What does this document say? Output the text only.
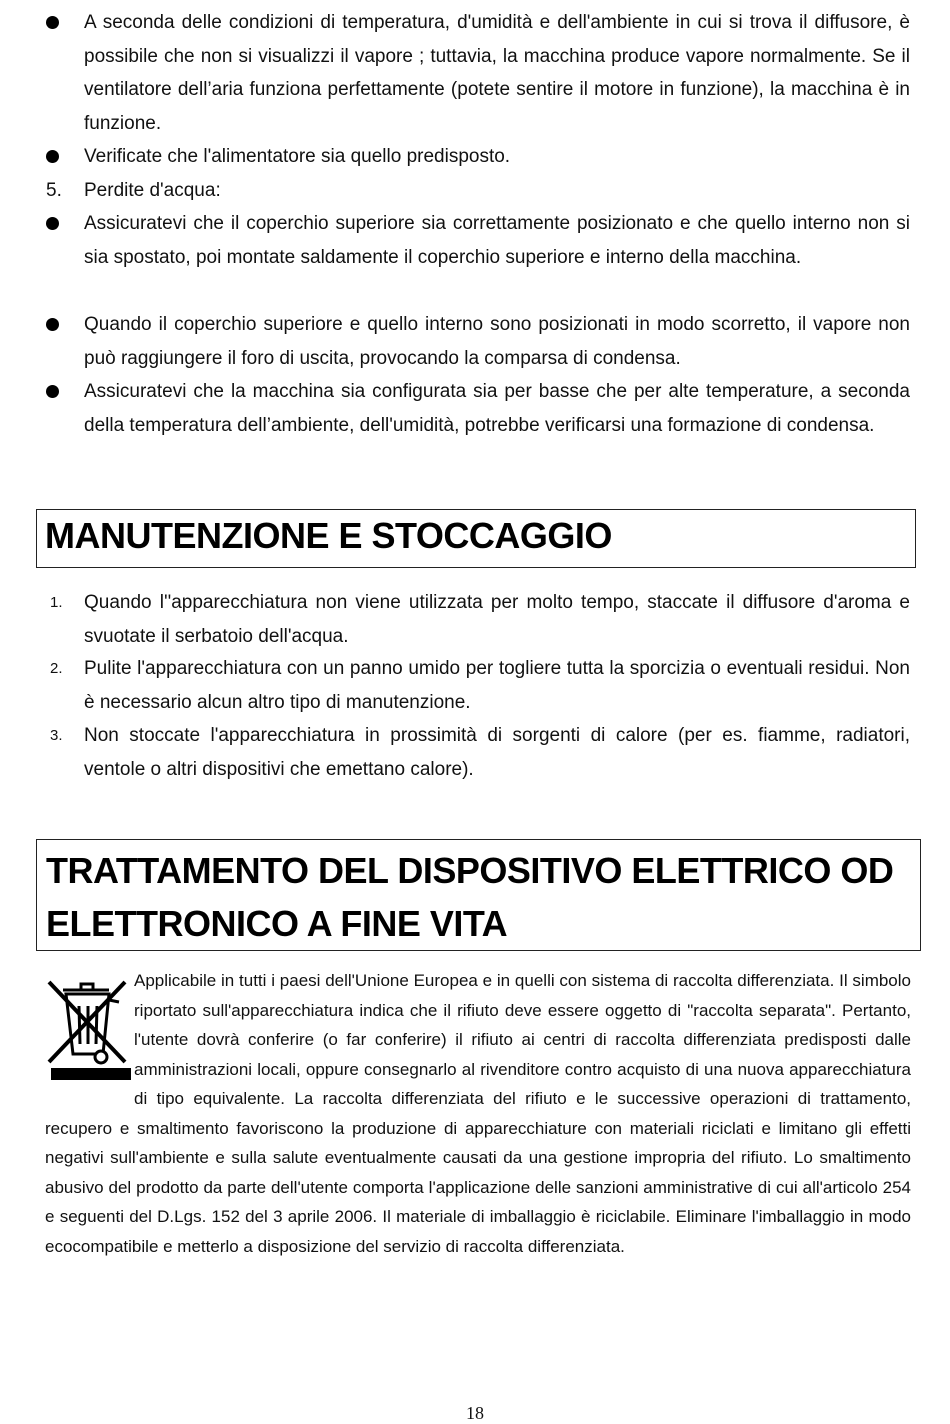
A seconda delle condizioni di temperatura, d'umidità e dell'ambiente in cui si trova il diffusore, è possibile che non si visualizzi il vapore ; tuttavia, la macchina produce vapore normalmente. Se il ventilatore dell’aria funziona perfettamente (potete sentire il motore in funzione), la macchina è in funzione.
Verificate che l'alimentatore sia quello predisposto.
5.	Perdite d'acqua:
Assicuratevi che il coperchio superiore sia correttamente posizionato e che quello interno non si sia spostato, poi montate saldamente il coperchio superiore e interno della macchina.
Quando il coperchio superiore e quello interno sono posizionati in modo scorretto, il vapore non può raggiungere il foro di uscita, provocando la comparsa di condensa.
Assicuratevi che la macchina sia configurata sia per basse che per alte temperature, a seconda della temperatura dell’ambiente, dell'umidità, potrebbe verificarsi una formazione di condensa.
MANUTENZIONE E STOCCAGGIO
1.	Quando l''apparecchiatura non viene utilizzata per molto tempo, staccate il diffusore d'aroma e svuotate il serbatoio dell'acqua.
2.	Pulite l'apparecchiatura con un panno umido per togliere tutta la sporcizia o eventuali residui. Non è necessario alcun altro tipo di manutenzione.
3.	Non stoccate l'apparecchiatura in prossimità di sorgenti di calore (per es. fiamme, radiatori, ventole o altri dispositivi che emettano calore).
TRATTAMENTO DEL DISPOSITIVO ELETTRICO OD
ELETTRONICO A FINE VITA

Applicabile in tutti i paesi dell'Unione Europea e in quelli con sistema di raccolta differenziata. Il simbolo riportato sull'apparecchiatura indica che il rifiuto deve essere oggetto di "raccolta separata". Pertanto, l'utente dovrà conferire (o far conferire) il rifiuto ai centri di raccolta differenziata predisposti dalle amministrazioni locali, oppure consegnarlo al rivenditore contro acquisto di una nuova apparecchiatura di tipo equivalente. La raccolta differenziata del rifiuto e le successive operazioni di trattamento, recupero e smaltimento favoriscono la produzione di apparecchiature con materiali riciclati e limitano gli effetti negativi sull'ambiente e sulla salute eventualmente causati da una gestione impropria del rifiuto. Lo smaltimento abusivo del prodotto da parte dell'utente comporta l'applicazione delle sanzioni amministrative di cui all'articolo 254 e seguenti del D.Lgs. 152 del 3 aprile 2006. Il materiale di imballaggio è riciclabile. Eliminare l'imballaggio in modo ecocompatibile e metterlo a disposizione del servizio di raccolta differenziata.

18
